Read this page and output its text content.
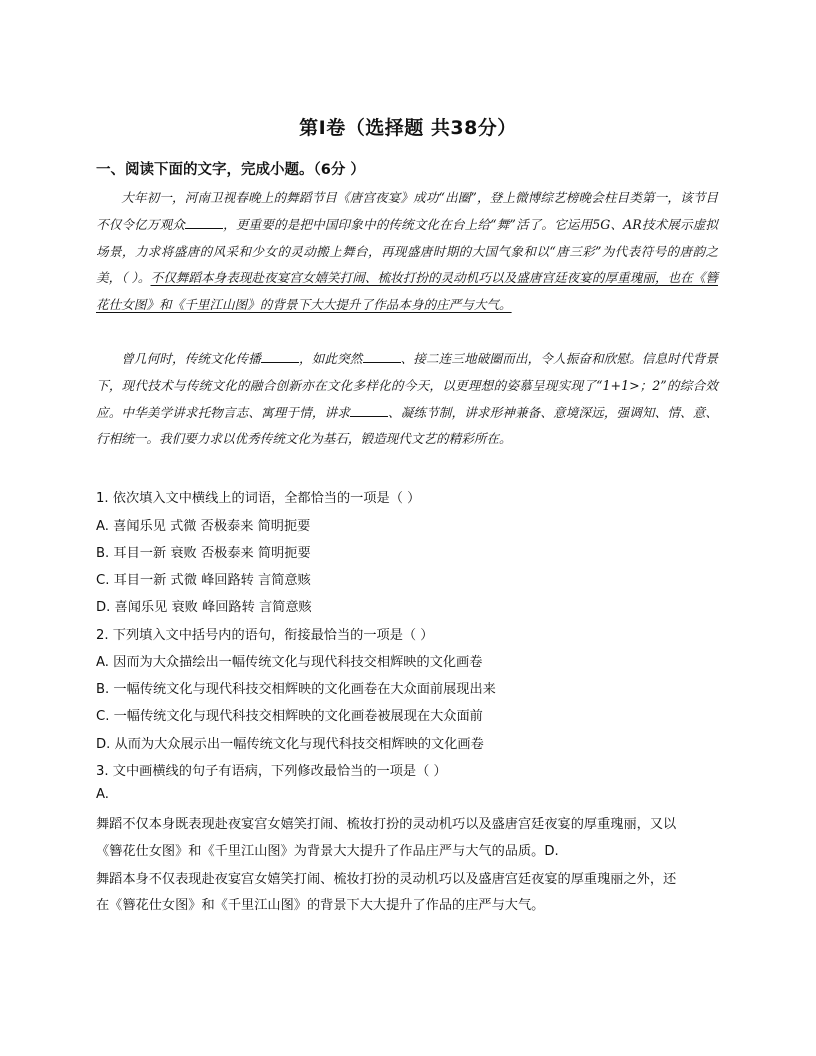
第Ⅰ卷（选择题 共38分）
一、阅读下面的文字，完成小题。（6分 ）

大年初一，河南卫视春晚上的舞蹈节目《唐宫夜宴》成功“出圈”，登上微博综艺榜晚会柱目类第一，该节目不仅令亿万观众	，更重要的是把中国印象中的传统文化在台上给“舞”活了。它运用5G、AR技术展示虚拟场景，力求将盛唐的风采和少女的灵动搬上舞台，再现盛唐时期的大国气象和以“唐三彩”为代表符号的唐韵之美，（ ）。不仅舞蹈本身表现赴夜宴宫女嬉笑打闹、梳妆打扮的灵动机巧以及盛唐宫廷夜宴的厚重瑰丽，也在《簪花仕女图》和《千里江山图》的背景下大大提升了作品本身的庄严与大气。

曾几何时，传统文化传播	，如此突然	、接二连三地破圈而出，令人振奋和欣慰。信息时代背景下，现代技术与传统文化的融合创新亦在文化多样化的今天，以更理想的姿慕呈现实现了“1+1>；2”的综合效应。中华美学讲求托物言志、寓理于情，讲求	、凝练节制，讲求形神兼备、意境深远，强调知、情、意、行相统一。我们要力求以优秀传统文化为基石，锻造现代文艺的精彩所在。

1. 依次填入文中横线上的词语，全都恰当的一项是（ ）
A. 喜闻乐见 式微 否极泰来 简明扼要
B. 耳目一新 衰败 否极泰来 简明扼要
C. 耳目一新 式微 峰回路转 言简意赅
D. 喜闻乐见 衰败 峰回路转 言简意赅
2. 下列填入文中括号内的语句，衔接最恰当的一项是（ ）
A. 因而为大众描绘出一幅传统文化与现代科技交相辉映的文化画卷
B. 一幅传统文化与现代科技交相辉映的文化画卷在大众面前展现出来
C. 一幅传统文化与现代科技交相辉映的文化画卷被展现在大众面前
D. 从而为大众展示出一幅传统文化与现代科技交相辉映的文化画卷
3. 文中画横线的句子有语病，下列修改最恰当的一项是（ ）
A.
舞蹈不仅本身既表现赴夜宴宫女嬉笑打闹、梳妆打扮的灵动机巧以及盛唐宫廷夜宴的厚重瑰丽，又以
《簪花仕女图》和《千里江山图》为背景大大提升了作品庄严与大气的品质。D.
舞蹈本身不仅表现赴夜宴宫女嬉笑打闹、梳妆打扮的灵动机巧以及盛唐宫廷夜宴的厚重瑰丽之外，还
在《簪花仕女图》和《千里江山图》的背景下大大提升了作品的庄严与大气。
